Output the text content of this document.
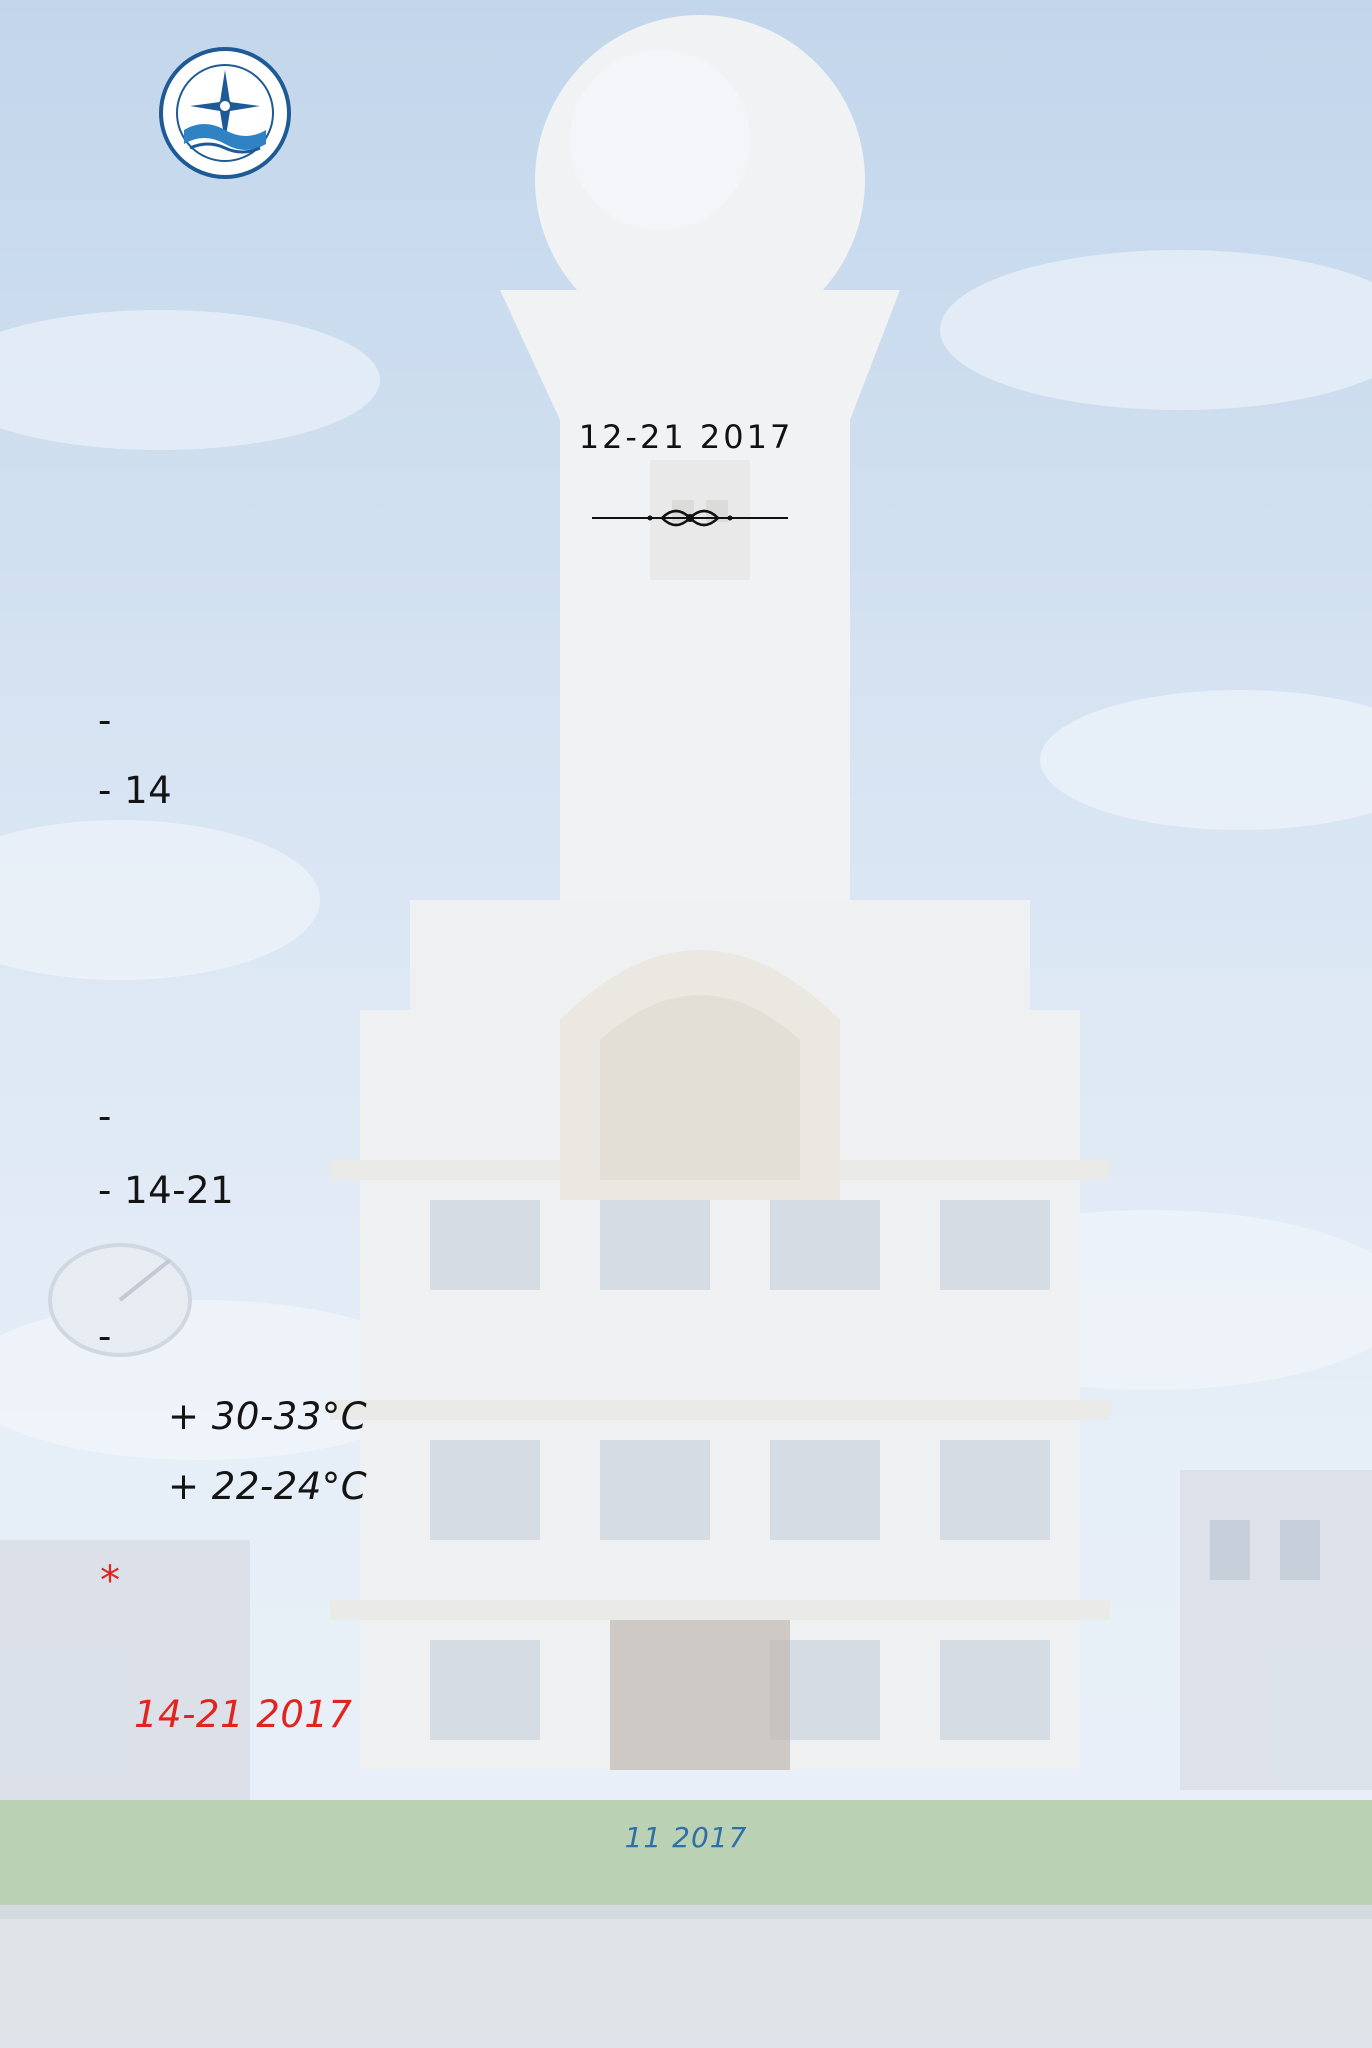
12-21 2017
-
- 14
-
- 14-21
-
+ 30-33°C
+ 22-24°C
*
14-21 2017
11 2017
